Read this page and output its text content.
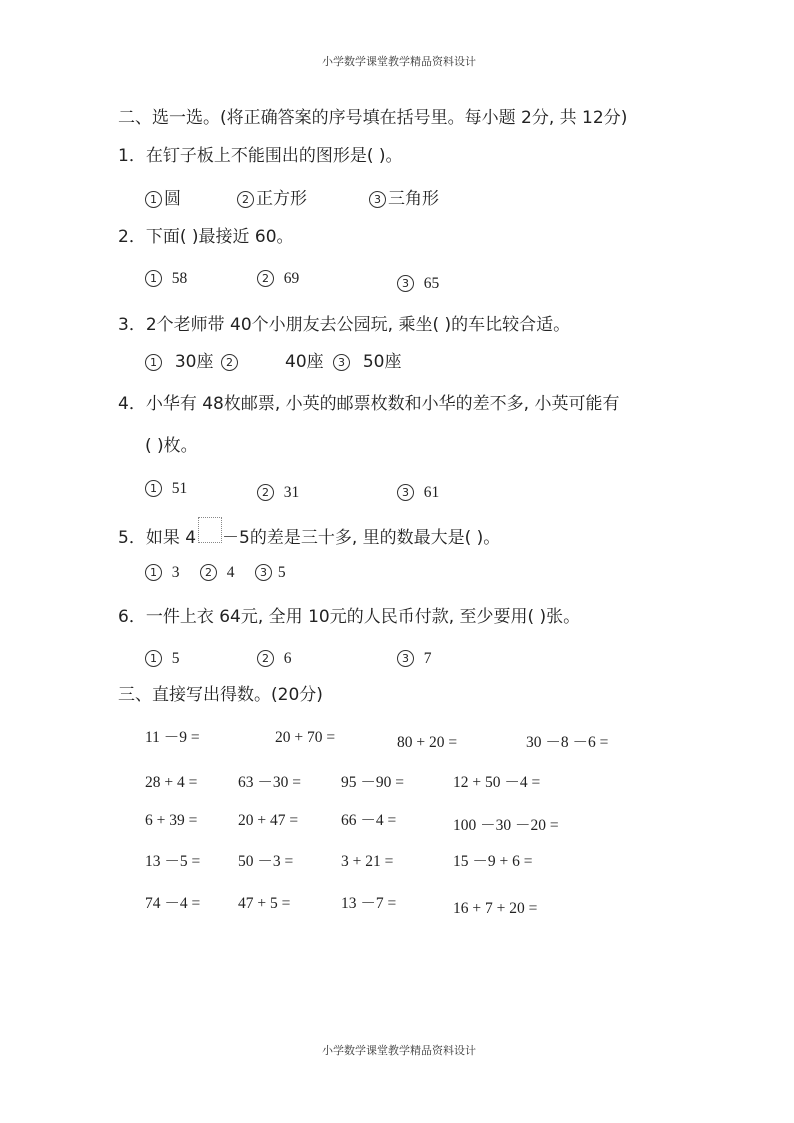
小学数学课堂教学精品资料设计
二、选一选。(将正确答案的序号填在括号里。每小题 2分, 共 12分)
1．在钉子板上不能围出的图形是( )。
1 圆	2 正方形	3 三角形
2．下面( )最接近 60。
1 58	2 69	3 65
3．2个老师带 40个小朋友去公园玩, 乘坐( )的车比较合适。
1 30座	2	40座	3 50座
4．小华有 48枚邮票, 小英的邮票枚数和小华的差不多, 小英可能有
( )枚。
1 51	2 31	3 61
5．如果 4 －5的差是三十多, 里的数最大是( )。
1 3	2 4	3 5
6．一件上衣 64元, 全用 10元的人民币付款, 至少要用( )张。
1 5	2 6	3 7
三、直接写出得数。(20分)
11 －9 =	20 + 70 =	80 + 20 =	30 －8 －6 =
28 + 4 =	63 －30 =	95 －90 =	12 + 50 －4 =
6 + 39 =	20 + 47 =	66 －4 =	100 －30 －20 =
13 －5 = 50 －3 =	3 + 21 =	15 －9 + 6 =
74 －4 = 47 + 5 =	13 －7 =	16 + 7 + 20 =
小学数学课堂教学精品资料设计
